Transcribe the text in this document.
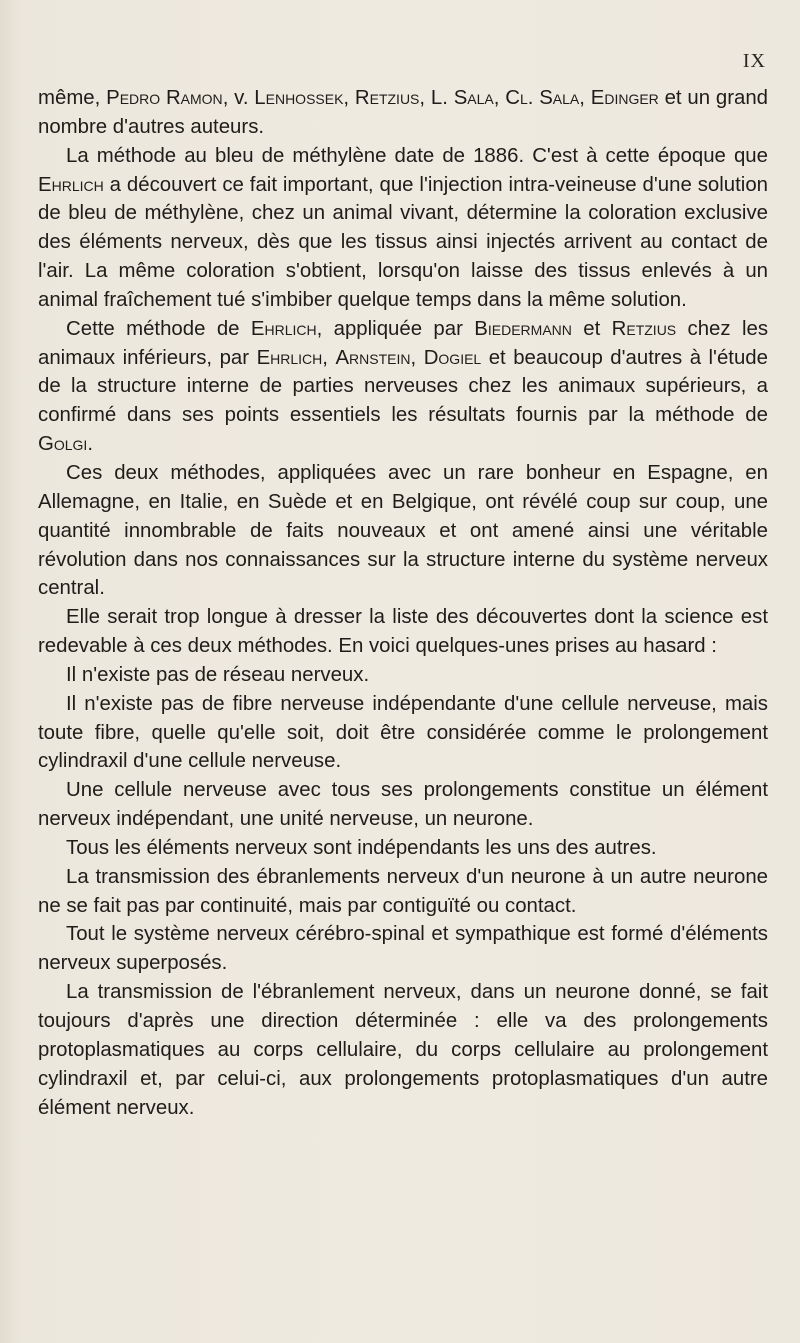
IX

même, Pedro Ramon, v. Lenhossek, Retzius, L. Sala, Cl. Sala, Edinger et un grand nombre d'autres auteurs.

La méthode au bleu de méthylène date de 1886. C'est à cette époque que Ehrlich a découvert ce fait important, que l'injection intra-veineuse d'une solution de bleu de méthylène, chez un animal vivant, détermine la coloration exclusive des éléments nerveux, dès que les tissus ainsi injectés arrivent au contact de l'air. La même coloration s'obtient, lorsqu'on laisse des tissus enlevés à un animal fraîchement tué s'imbiber quelque temps dans la même solution.

Cette méthode de Ehrlich, appliquée par Biedermann et Retzius chez les animaux inférieurs, par Ehrlich, Arnstein, Dogiel et beaucoup d'autres à l'étude de la structure interne de parties nerveuses chez les animaux supérieurs, a confirmé dans ses points essentiels les résultats fournis par la méthode de Golgi.

Ces deux méthodes, appliquées avec un rare bonheur en Espagne, en Allemagne, en Italie, en Suède et en Belgique, ont révélé coup sur coup, une quantité innombrable de faits nouveaux et ont amené ainsi une véritable révolution dans nos connaissances sur la structure interne du système nerveux central.

Elle serait trop longue à dresser la liste des découvertes dont la science est redevable à ces deux méthodes. En voici quelques-unes prises au hasard :

Il n'existe pas de réseau nerveux.

Il n'existe pas de fibre nerveuse indépendante d'une cellule nerveuse, mais toute fibre, quelle qu'elle soit, doit être considérée comme le prolongement cylindraxil d'une cellule nerveuse.

Une cellule nerveuse avec tous ses prolongements constitue un élément nerveux indépendant, une unité nerveuse, un neurone.

Tous les éléments nerveux sont indépendants les uns des autres.

La transmission des ébranlements nerveux d'un neurone à un autre neurone ne se fait pas par continuité, mais par contiguïté ou contact.

Tout le système nerveux cérébro-spinal et sympathique est formé d'éléments nerveux superposés.

La transmission de l'ébranlement nerveux, dans un neurone donné, se fait toujours d'après une direction déterminée : elle va des prolongements protoplasmatiques au corps cellulaire, du corps cellulaire au prolongement cylindraxil et, par celui-ci, aux prolongements protoplasmatiques d'un autre élément nerveux.
